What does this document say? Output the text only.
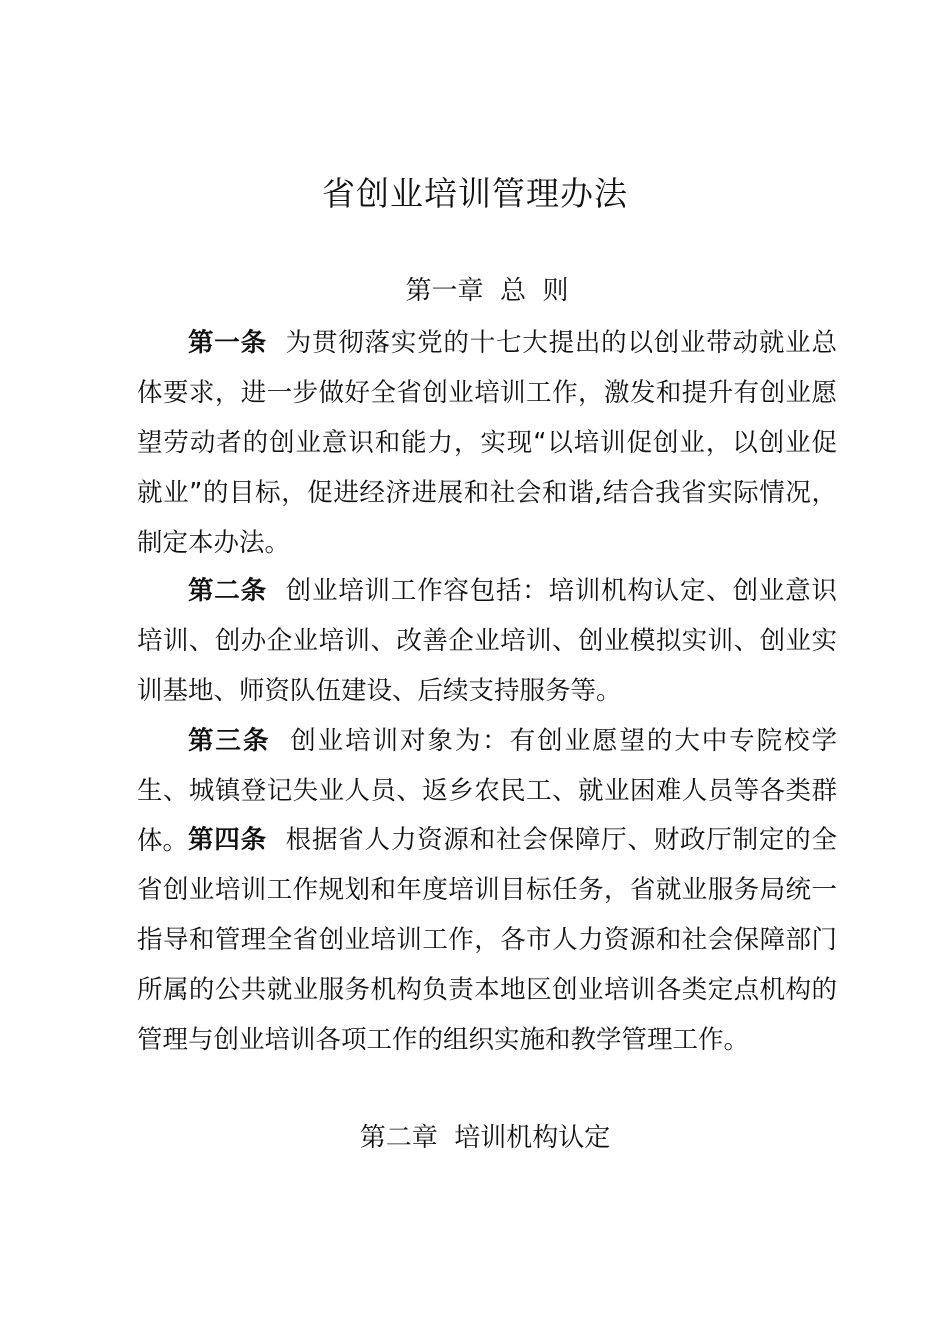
省创业培训管理办法
第一章  总  则

第一条 为贯彻落实党的十七大提出的以创业带动就业总体要求，进一步做好全省创业培训工作，激发和提升有创业愿望劳动者的创业意识和能力，实现“以培训促创业，以创业促就业”的目标，促进经济进展和社会和谐,结合我省实际情况，制定本办法。

第二条 创业培训工作容包括：培训机构认定、创业意识培训、创办企业培训、改善企业培训、创业模拟实训、创业实训基地、师资队伍建设、后续支持服务等。

第三条 创业培训对象为：有创业愿望的大中专院校学生、城镇登记失业人员、返乡农民工、就业困难人员等各类群体。 第四条 根据省人力资源和社会保障厅、财政厅制定的全省创业培训工作规划和年度培训目标任务，省就业服务局统一指导和管理全省创业培训工作，各市人力资源和社会保障部门所属的公共就业服务机构负责本地区创业培训各类定点机构的管理与创业培训各项工作的组织实施和教学管理工作。

第二章  培训机构认定
